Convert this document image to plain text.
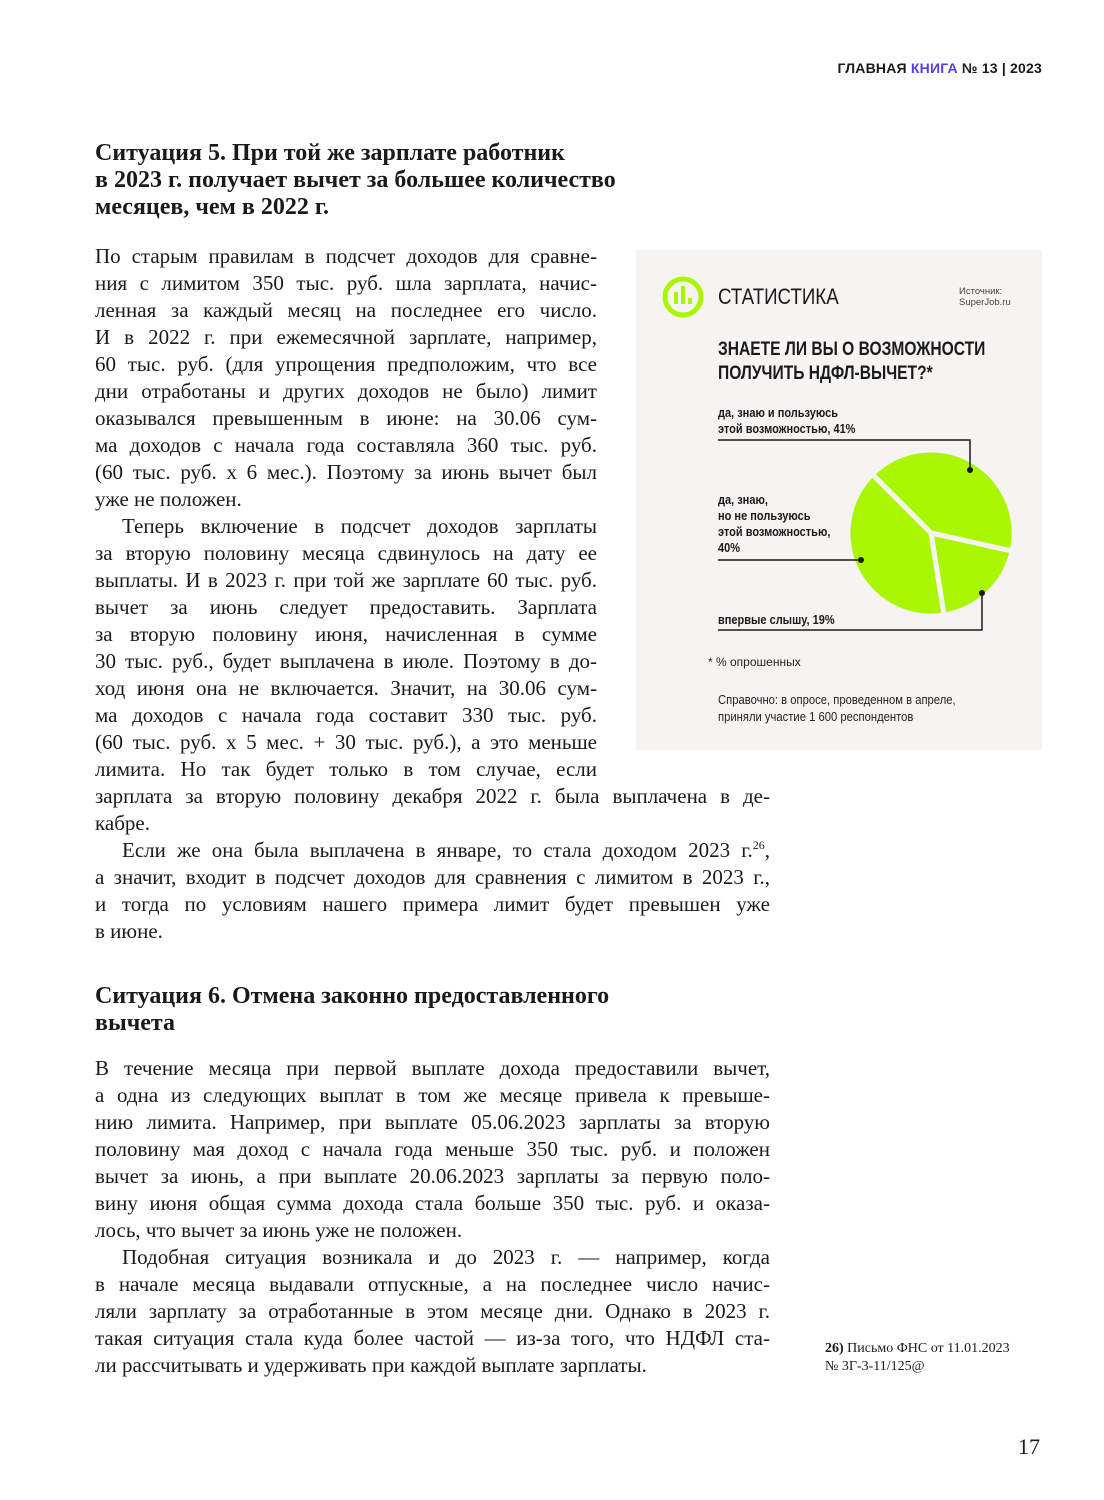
ГЛАВНАЯ КНИГА № 13 | 2023
Ситуация 5. При той же зарплате работник
в 2023 г. получает вычет за большее количество
месяцев, чем в 2022 г.
По старым правилам в подсчет доходов для сравне-
ния с лимитом 350 тыс. руб. шла зарплата, начис-
ленная за каждый месяц на последнее его число.
И в 2022 г. при ежемесячной зарплате, например,
60 тыс. руб. (для упрощения предположим, что все
дни отработаны и других доходов не было) лимит
оказывался превышенным в июне: на 30.06 сум-
ма доходов с начала года составляла 360 тыс. руб.
(60 тыс. руб. х 6 мес.). Поэтому за июнь вычет был
уже не положен.
Теперь включение в подсчет доходов зарплаты
за вторую половину месяца сдвинулось на дату ее
выплаты. И в 2023 г. при той же зарплате 60 тыс. руб.
вычет за июнь следует предоставить. Зарплата
за вторую половину июня, начисленная в сумме
30 тыс. руб., будет выплачена в июле. Поэтому в до-
ход июня она не включается. Значит, на 30.06 сум-
ма доходов с начала года составит 330 тыс. руб.
(60 тыс. руб. х 5 мес. + 30 тыс. руб.), а это меньше
лимита. Но так будет только в том случае, если
зарплата за вторую половину декабря 2022 г. была выплачена в де-
кабре.
Если же она была выплачена в январе, то стала доходом 2023 г.$^{26}$,
а значит, входит в подсчет доходов для сравнения с лимитом в 2023 г.,
и тогда по условиям нашего примера лимит будет превышен уже
в июне.
Ситуация 6. Отмена законно предоставленного
вычета
В течение месяца при первой выплате дохода предоставили вычет,
а одна из следующих выплат в том же месяце привела к превыше-
нию лимита. Например, при выплате 05.06.2023 зарплаты за вторую
половину мая доход с начала года меньше 350 тыс. руб. и положен
вычет за июнь, а при выплате 20.06.2023 зарплаты за первую поло-
вину июня общая сумма дохода стала больше 350 тыс. руб. и оказа-
лось, что вычет за июнь уже не положен.
Подобная ситуация возникала и до 2023 г. — например, когда
в начале месяца выдавали отпускные, а на последнее число начис-
ляли зарплату за отработанные в этом месяце дни. Однако в 2023 г.
такая ситуация стала куда более частой — из-за того, что НДФЛ ста-
ли рассчитывать и удерживать при каждой выплате зарплаты.
СТАТИСТИКА	Источник:
SuperJob.ru
ЗНАЕТЕ ЛИ ВЫ О ВОЗМОЖНОСТИ
ПОЛУЧИТЬ НДФЛ-ВЫЧЕТ?*
да, знаю и пользуюсь
этой возможностью, 41%
да, знаю,
но не пользуюсь
этой возможностью,
40%
впервые слышу, 19%
* % опрошенных
Справочно: в опросе, проведенном в апреле,
приняли участие 1 600 респондентов
26) Письмо ФНС от 11.01.2023
№ 3Г-3-11/125@
17
